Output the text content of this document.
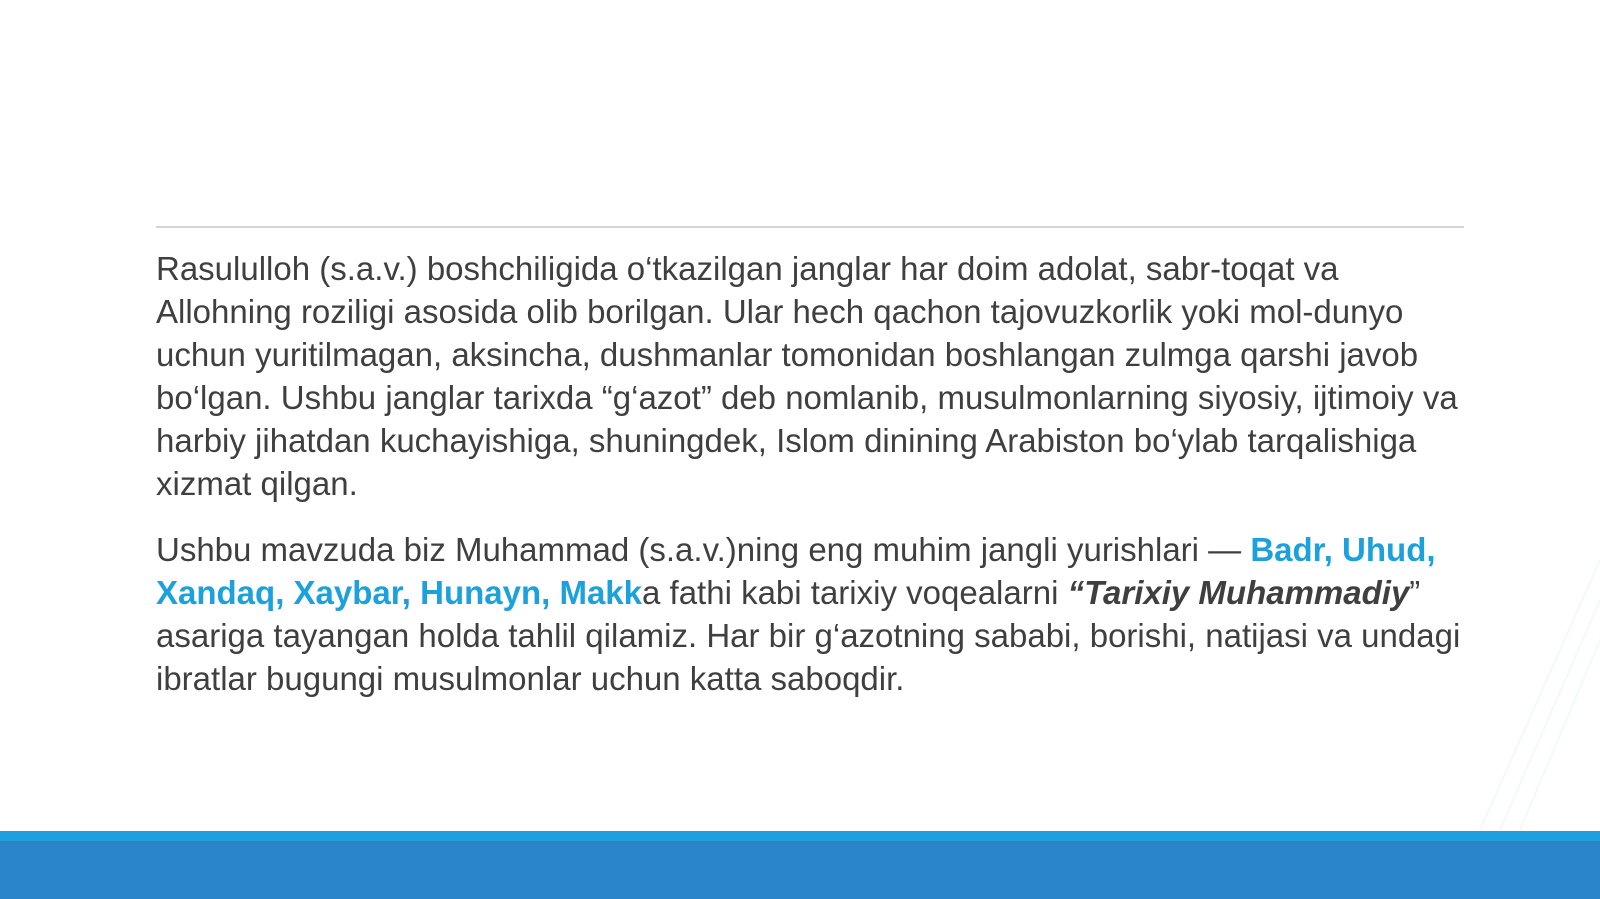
Rasululloh (s.a.v.) boshchiligida o‘tkazilgan janglar har doim adolat, sabr-toqat va Allohning roziligi asosida olib borilgan. Ular hech qachon tajovuzkorlik yoki mol-dunyo uchun yuritilmagan, aksincha, dushmanlar tomonidan boshlangan zulmga qarshi javob bo‘lgan. Ushbu janglar tarixda “g‘azot” deb nomlanib, musulmonlarning siyosiy, ijtimoiy va harbiy jihatdan kuchayishiga, shuningdek, Islom dinining Arabiston bo‘ylab tarqalishiga xizmat qilgan.

Ushbu mavzuda biz Muhammad (s.a.v.)ning eng muhim jangli yurishlari — Badr, Uhud, Xandaq, Xaybar, Hunayn, Makka fathi kabi tarixiy voqealarni “Tarixiy Muhammadiy” asariga tayangan holda tahlil qilamiz. Har bir g‘azotning sababi, borishi, natijasi va undagi ibratlar bugungi musulmonlar uchun katta saboqdir.
